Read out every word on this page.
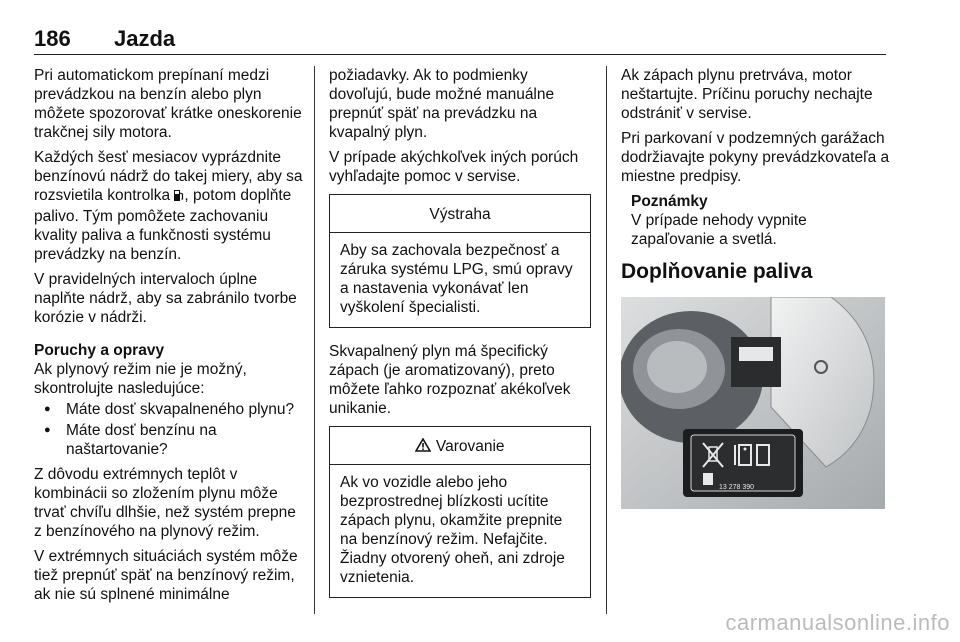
186 Jazda

Pri automatickom prepínaní medzi prevádzkou na benzín alebo plyn môžete spozorovať krátke oneskorenie trakčnej sily motora.

Každých šesť mesiacov vyprázdnite benzínovú nádrž do takej miery, aby sa rozsvietila kontrolka , potom doplňte palivo. Tým pomôžete zachovaniu kvality paliva a funkčnosti systému prevádzky na benzín.

V pravidelných intervaloch úplne naplňte nádrž, aby sa zabránilo tvorbe korózie v nádrži.

Poruchy a opravy

Ak plynový režim nie je možný, skontrolujte nasledujúce:

● Máte dosť skvapalneného plynu?
● Máte dosť benzínu na naštartovanie?

Z dôvodu extrémnych teplôt v kombinácii so zložením plynu môže trvať chvíľu dlhšie, než systém prepne z benzínového na plynový režim.

V extrémnych situáciách systém môže tiež prepnúť späť na benzínový režim, ak nie sú splnené minimálne

požiadavky. Ak to podmienky dovoľujú, bude možné manuálne prepnúť späť na prevádzku na kvapalný plyn.

V prípade akýchkoľvek iných porúch vyhľadajte pomoc v servise.

Výstraha
Aby sa zachovala bezpečnosť a záruka systému LPG, smú opravy a nastavenia vykonávať len vyškolení špecialisti.

Skvapalnený plyn má špecifický zápach (je aromatizovaný), preto môžete ľahko rozpoznať akékoľvek unikanie.

Varovanie
Ak vo vozidle alebo jeho bezprostrednej blízkosti ucítite zápach plynu, okamžite prepnite na benzínový režim. Nefajčite. Žiadny otvorený oheň, ani zdroje vznietenia.

Ak zápach plynu pretrváva, motor neštartujte. Príčinu poruchy nechajte odstrániť v servise.

Pri parkovaní v podzemných garážach dodržiavajte pokyny prevádzkovateľa a miestne predpisy.

Poznámky
V prípade nehody vypnite zapaľovanie a svetlá.
Doplňovanie paliva
13 278 390
carmanualsonline.info
